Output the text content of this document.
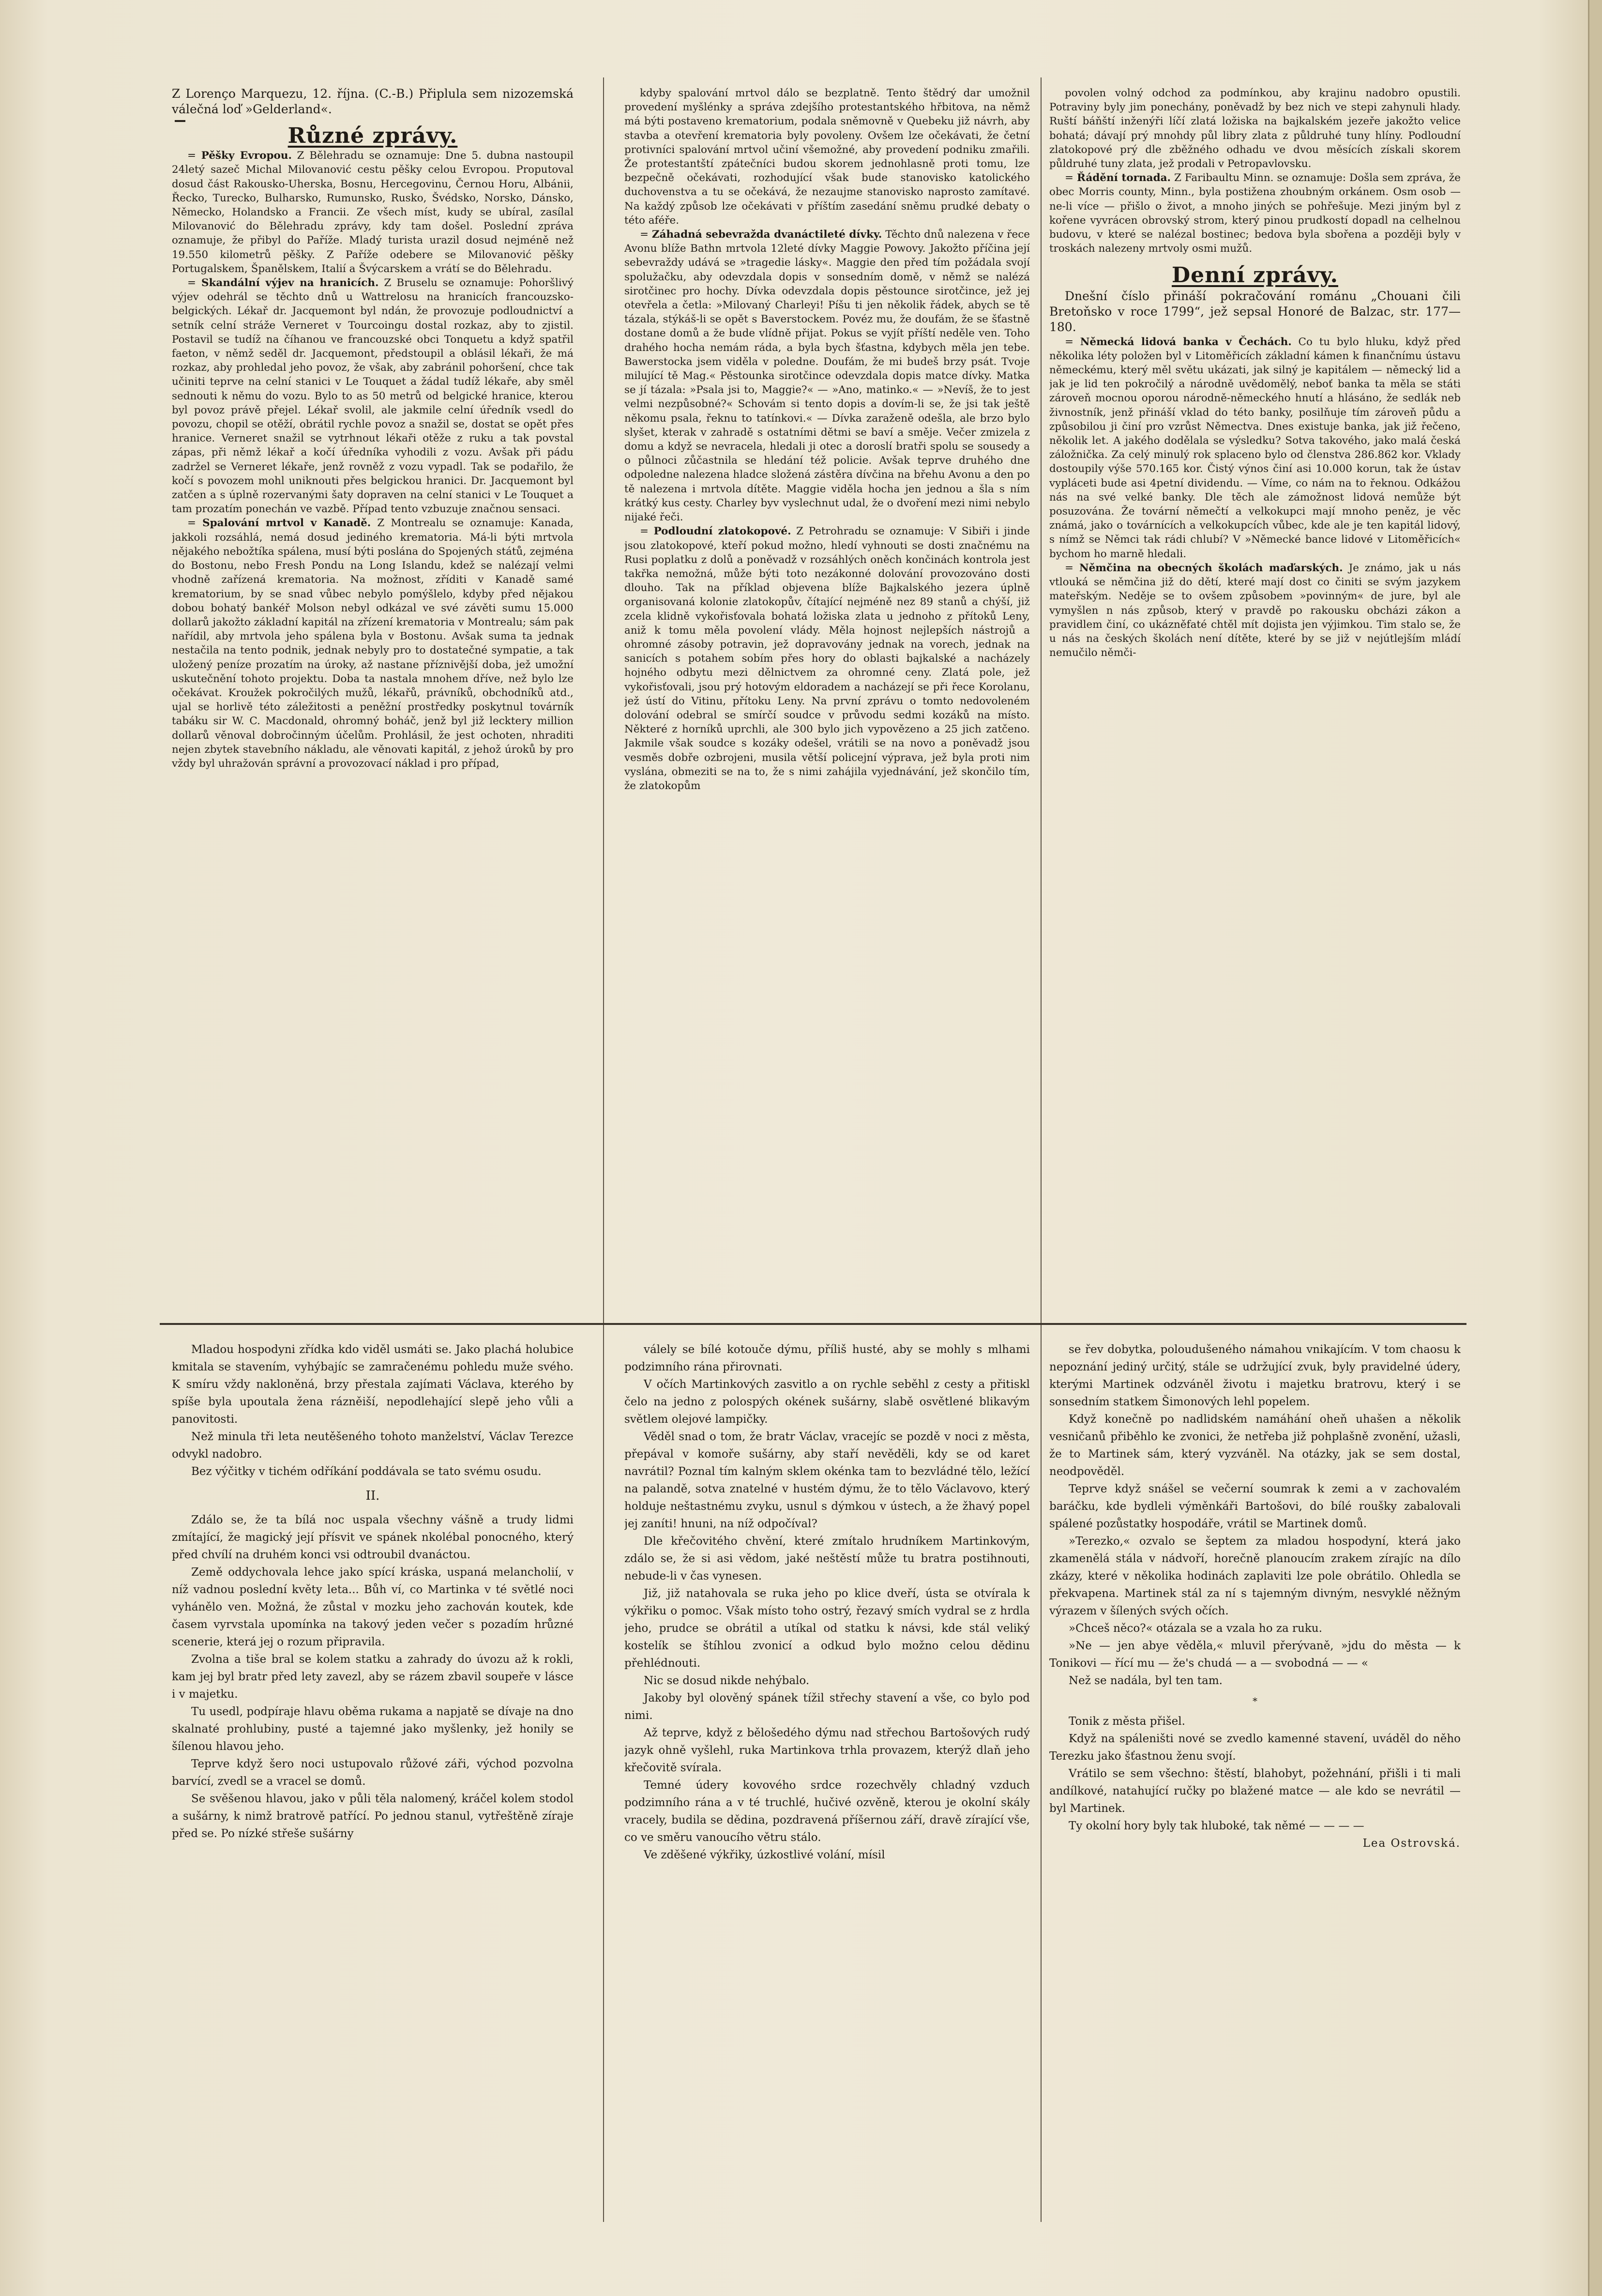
Z Lorenço Marquezu, 12. října. (C.-B.) Připlula sem nizozemská válečná loď »Gelderland«.

Různé zprávy.

= Pěšky Evropou. Z Bělehradu se oznamuje: Dne 5. dubna nastoupil 24letý sazeč Michal Milovanović cestu pěšky celou Evropou. Proputoval dosud část Rakousko-Uherska, Bosnu, Hercegovinu, Černou Horu, Albánii, Řecko, Turecko, Bulharsko, Rumunsko, Rusko, Švédsko, Norsko, Dánsko, Německo, Holandsko a Francii. Ze všech míst, kudy se ubíral, zasílal Milovanović do Bělehradu zprávy, kdy tam došel. Poslední zpráva oznamuje, že přibyl do Paříže. Mladý turista urazil dosud nejméně než 19.550 kilometrů pěšky. Z Paříže odebere se Milovanović pěšky Portugalskem, Španělskem, Italií a Švýcarskem a vrátí se do Bělehradu.

= Skandální výjev na hranicích. Z Bruselu se oznamuje: Pohoršlivý výjev odehrál se těchto dnů u Wattrelosu na hranicích francouzsko-belgických. Lékař dr. Jacquemont byl ndán, že provozuje podloudnictví a setník celní stráže Verneret v Tourcoingu dostal rozkaz, aby to zjistil. Postavil se tudíž na číhanou ve francouzské obci Tonquetu a když spatřil faeton, v němž seděl dr. Jacquemont, předstoupil a oblásil lékaři, že má rozkaz, aby prohledal jeho povoz, že však, aby zabránil pohoršení, chce tak učiniti teprve na celní stanici v Le Touquet a žádal tudíž lékaře, aby směl sednouti k němu do vozu. Bylo to as 50 metrů od belgické hranice, kterou byl povoz právě přejel. Lékař svolil, ale jakmile celní úředník vsedl do povozu, chopil se otěží, obrátil rychle povoz a snažil se, dostat se opět přes hranice. Verneret snažil se vytrhnout lékaři otěže z ruku a tak povstal zápas, při němž lékař a kočí úředníka vyhodili z vozu. Avšak při pádu zadržel se Verneret lékaře, jenž rovněž z vozu vypadl. Tak se podařilo, že kočí s povozem mohl uniknouti přes belgickou hranici. Dr. Jacquemont byl zatčen a s úplně rozervanými šaty dopraven na celní stanici v Le Touquet a tam prozatím ponechán ve vazbě. Případ tento vzbuzuje značnou sensaci.

= Spalování mrtvol v Kanadě. Z Montrealu se oznamuje: Kanada, jakkoli rozsáhlá, nemá dosud jediného krematoria. Má-li býti mrtvola nějakého nebožtíka spálena, musí býti poslána do Spojených států, zejména do Bostonu, nebo Fresh Pondu na Long Islandu, kdež se nalézají velmi vhodně zařízená krematoria. Na možnost, zříditi v Kanadě samé krematorium, by se snad vůbec nebylo pomýšlelo, kdyby před nějakou dobou bohatý bankéř Molson nebyl odkázal ve své závěti sumu 15.000 dollarů jakožto základní kapitál na zřízení krematoria v Montrealu; sám pak nařídil, aby mrtvola jeho spálena byla v Bostonu. Avšak suma ta jednak nestačila na tento podnik, jednak nebyly pro to dostatečné sympatie, a tak uložený peníze prozatím na úroky, až nastane příznivější doba, jež umožní uskutečnění tohoto projektu. Doba ta nastala mnohem dříve, než bylo lze očekávat. Kroužek pokročilých mužů, lékařů, právníků, obchodníků atd., ujal se horlivě této záležitosti a peněžní prostředky poskytnul továrník tabáku sir W. C. Macdonald, ohromný boháč, jenž byl již lecktery million dollarů věnoval dobročinným účelům. Prohlásil, že jest ochoten, nhraditi nejen zbytek stavebního nákladu, ale věnovati kapitál, z jehož úroků by pro vždy byl uhražován správní a provozovací náklad i pro případ,

kdyby spalování mrtvol dálo se bezplatně. Tento štědrý dar umožnil provedení myšlénky a správa zdejšího protestantského hřbitova, na němž má býti postaveno krematorium, podala sněmovně v Quebeku již návrh, aby stavba a otevření krematoria byly povoleny. Ovšem lze očekávati, že četní protivníci spalování mrtvol učiní všemožné, aby provedení podniku zmařili. Že protestantští zpátečníci budou skorem jednohlasně proti tomu, lze bezpečně očekávati, rozhodující však bude stanovisko katolického duchovenstva a tu se očekává, že nezaujme stanovisko naprosto zamítavé. Na každý způsob lze očekávati v příštím zasedání sněmu prudké debaty o této aféře.

= Záhadná sebevražda dvanáctileté dívky. Těchto dnů nalezena v řece Avonu blíže Bathn mrtvola 12leté dívky Maggie Powovy. Jakožto příčina její sebevraždy udává se »tragedie lásky«. Maggie den před tím požádala svojí spolužačku, aby odevzdala dopis v sonsedním domě, v němž se nalézá sirotčinec pro hochy. Dívka odevzdala dopis pěstounce sirotčince, jež jej otevřela a četla: »Milovaný Charleyi! Píšu ti jen několik řádek, abych se tě tázala, stýkáš-li se opět s Baverstockem. Povéz mu, že doufám, že se šťastně dostane domů a že bude vlídně přijat. Pokus se vyjít příští neděle ven. Toho drahého hocha nemám ráda, a byla bych šťastna, kdybych měla jen tebe. Bawerstocka jsem viděla v poledne. Doufám, že mi budeš brzy psát. Tvoje milující tě Mag.« Pěstounka sirotčince odevzdala dopis matce dívky. Matka se jí tázala: »Psala jsi to, Maggie?« — »Ano, matinko.« — »Nevíš, že to jest velmi nezpůsobné?« Schovám si tento dopis a dovím-li se, že jsi tak ještě někomu psala, řeknu to tatínkovi.« — Dívka zaraženě odešla, ale brzo bylo slyšet, kterak v zahradě s ostatními dětmi se baví a směje. Večer zmizela z domu a když se nevracela, hledali ji otec a doroslí bratři spolu se sousedy a o půlnoci zůčastnila se hledání též policie. Avšak teprve druhého dne odpoledne nalezena hladce složená zástěra dívčina na břehu Avonu a den po tě nalezena i mrtvola dítěte. Maggie viděla hocha jen jednou a šla s ním krátký kus cesty. Charley byv vyslechnut udal, že o dvoření mezi nimi nebylo nijaké řeči.

= Podloudní zlatokopové. Z Petrohradu se oznamuje: V Sibiři i jinde jsou zlatokopové, kteří pokud možno, hledí vyhnouti se dosti značnému na Rusi poplatku z dolů a poněvadž v rozsáhlých oněch končinách kontrola jest takřka nemožná, může býti toto nezákonné dolování provozováno dosti dlouho. Tak na příklad objevena blíže Bajkalského jezera úplně organisovaná kolonie zlatokopův, čítající nejméně nez 89 stanů a chýší, již zcela klidně vykořisťovala bohatá ložiska zlata u jednoho z přítoků Leny, aniž k tomu měla povolení vlády. Měla hojnost nejlepších nástrojů a ohromné zásoby potravin, jež dopravovány jednak na vorech, jednak na sanicích s potahem sobím přes hory do oblasti bajkalské a nacházely hojného odbytu mezi dělnictvem za ohromné ceny. Zlatá pole, jež vykořisťovali, jsou prý hotovým eldoradem a nacházejí se při řece Korolanu, jež ústí do Vitinu, přítoku Leny. Na první zprávu o tomto nedovoleném dolování odebral se smírčí soudce v průvodu sedmi kozáků na místo. Některé z horníků uprchli, ale 300 bylo jich vypovězeno a 25 jich zatčeno. Jakmile však soudce s kozáky odešel, vrátili se na novo a poněvadž jsou vesměs dobře ozbrojeni, musila větší policejní výprava, jež byla proti nim vyslána, obmeziti se na to, že s nimi zahájila vyjednávání, jež skončilo tím, že zlatokopům

povolen volný odchod za podmínkou, aby krajinu nadobro opustili. Potraviny byly jim ponechány, poněvadž by bez nich ve stepi zahynuli hlady. Ruští báňští inženýři líčí zlatá ložiska na bajkalském jezeře jakožto velice bohatá; dávají prý mnohdy půl libry zlata z půldruhé tuny hlíny. Podloudní zlatokopové prý dle zběžného odhadu ve dvou měsících získali skorem půldruhé tuny zlata, jež prodali v Petropavlovsku.

= Řádění tornada. Z Faribaultu Minn. se oznamuje: Došla sem zpráva, že obec Morris county, Minn., byla postižena zhoubným orkánem. Osm osob — ne-li více — přišlo o život, a mnoho jiných se pohřešuje. Mezi jiným byl z kořene vyvrácen obrovský strom, který pinou prudkostí dopadl na celhelnou budovu, v které se nalézal bostinec; bedova byla sbořena a později byly v troskách nalezeny mrtvoly osmi mužů.

Denní zprávy.

Dnešní číslo přináší pokračování románu „Chouani čili Bretoňsko v roce 1799“, jež sepsal Honoré de Balzac, str. 177—180.

= Německá lidová banka v Čechách. Co tu bylo hluku, když před několika léty položen byl v Litoměřicích základní kámen k finančnímu ústavu německému, který měl světu ukázati, jak silný je kapitálem — německý lid a jak je lid ten pokročilý a národně uvědomělý, neboť banka ta měla se státi zároveň mocnou oporou národně-německého hnutí a hlásáno, že sedlák neb živnostník, jenž přináší vklad do této banky, posilňuje tím zároveň půdu a způsobilou ji činí pro vzrůst Němectva. Dnes existuje banka, jak již řečeno, několik let. A jakého dodělala se výsledku? Sotva takového, jako malá česká záložnička. Za celý minulý rok splaceno bylo od členstva 286.862 kor. Vklady dostoupily výše 570.165 kor. Čistý výnos činí asi 10.000 korun, tak že ústav vypláceti bude asi 4petní dividendu. — Víme, co nám na to řeknou. Odkážou nás na své velké banky. Dle těch ale zámožnost lidová nemůže být posuzována. Že tovární němečtí a velkokupci mají mnoho peněz, je věc známá, jako o továrnících a velkokupcích vůbec, kde ale je ten kapitál lidový, s nímž se Němci tak rádi chlubí? V »Německé bance lidové v Litoměřicích« bychom ho marně hledali.

= Němčina na obecných školách maďarských. Je známo, jak u nás vtlouká se němčina již do dětí, které mají dost co činiti se svým jazykem mateřským. Neděje se to ovšem způsobem »povinným« de jure, byl ale vymyšlen n nás způsob, který v pravdě po rakousku obcházi zákon a pravidlem činí, co ukázněfaté chtěl mít dojista jen výjimkou. Tim stalo se, že u nás na českých školách není dítěte, které by se již v nejútlejším mládí nemučilo němči-

Mladou hospodyni zřídka kdo viděl usmáti se. Jako plachá holubice kmitala se stavením, vyhýbajíc se zamračenému pohledu muže svého. K smíru vždy nakloněná, brzy přestala zajímati Václava, kterého by spíše byla upoutala žena rázněiší, nepodlehající slepě jeho vůli a panovitosti.

Než minula tři leta neutěšeného tohoto manželství, Václav Terezce odvykl nadobro.

Bez výčitky v tichém odříkání poddávala se tato svému osudu.

II.

Zdálo se, že ta bílá noc uspala všechny vášně a trudy lidmi zmítající, že magický její přísvit ve spánek nkolébal ponocného, který před chvílí na druhém konci vsi odtroubil dvanáctou.

Země oddychovala lehce jako spící kráska, uspaná melancholií, v níž vadnou poslední květy leta... Bůh ví, co Martinka v té světlé noci vyhánělo ven. Možná, že zůstal v mozku jeho zachován koutek, kde časem vyrvstala upomínka na takový jeden večer s pozadím hrůzné scenerie, která jej o rozum připravila.

Zvolna a tiše bral se kolem statku a zahrady do úvozu až k rokli, kam jej byl bratr před lety zavezl, aby se rázem zbavil soupeře v lásce i v majetku.

Tu usedl, podpíraje hlavu oběma rukama a napjatě se dívaje na dno skalnaté prohlubiny, pusté a tajemné jako myšlenky, jež honily se šílenou hlavou jeho.

Teprve když šero noci ustupovalo růžové záři, východ pozvolna barvící, zvedl se a vracel se domů.

Se svěšenou hlavou, jako v půli těla nalomený, kráčel kolem stodol a sušárny, k nimž bratrově patřící. Po jednou stanul, vytřeštěně zíraje před se. Po nízké střeše sušárny

válely se bílé kotouče dýmu, příliš husté, aby se mohly s mlhami podzimního rána přirovnati.

V očích Martinkových zasvitlo a on rychle seběhl z cesty a přitiskl čelo na jedno z polospých okének sušárny, slabě osvětlené blikavým světlem olejové lampičky.

Věděl snad o tom, že bratr Václav, vracejíc se pozdě v noci z města, přepával v komoře sušárny, aby staří nevěděli, kdy se od karet navrátil? Poznal tím kalným sklem okénka tam to bezvládné tělo, ležící na palandě, sotva znatelné v hustém dýmu, že to tělo Václavovo, který holduje neštastnému zvyku, usnul s dýmkou v ústech, a že žhavý popel jej zaníti! hnuni, na níž odpočíval?

Dle křečovitého chvění, které zmítalo hrudníkem Martinkovým, zdálo se, že si asi vědom, jaké neštěstí může tu bratra postihnouti, nebude-li v čas vynesen.

Již, již natahovala se ruka jeho po klice dveří, ústa se otvírala k výkřiku o pomoc. Však místo toho ostrý, řezavý smích vydral se z hrdla jeho, prudce se obrátil a utíkal od statku k návsi, kde stál veliký kostelík se štíhlou zvonicí a odkud bylo možno celou dědinu přehlédnouti.

Nic se dosud nikde nehýbalo.

Jakoby byl olověný spánek tížil střechy stavení a vše, co bylo pod nimi.

Až teprve, když z bělošedého dýmu nad střechou Bartošových rudý jazyk ohně vyšlehl, ruka Martinkova trhla provazem, kterýž dlaň jeho křečovitě svírala.

Temné údery kovového srdce rozechvěly chladný vzduch podzimního rána a v té truchlé, hučivé ozvěně, kterou je okolní skály vracely, budila se dědina, pozdravená příšernou září, dravě zírající vše, co ve směru vanoucího větru stálo.

Ve zděšené výkřiky, úzkostlivé volání, mísil

se řev dobytka, poloudušeného námahou vnikajícím. V tom chaosu k nepoznání jediný určitý, stále se udržující zvuk, byly pravidelné údery, kterými Martinek odzváněl životu i majetku bratrovu, který i se sonsedním statkem Šimonových lehl popelem.

Když konečně po nadlidském namáhání oheň uhašen a několik vesničanů přiběhlo ke zvonici, že netřeba již pohplašně zvonění, užasli, že to Martinek sám, který vyzváněl. Na otázky, jak se sem dostal, neodpověděl.

Teprve když snášel se večerní soumrak k zemi a v zachovalém baráčku, kde bydleli výměnkáři Bartošovi, do bílé roušky zabalovali spálené pozůstatky hospodáře, vrátil se Martinek domů.

»Terezko,« ozvalo se šeptem za mladou hospodyní, která jako zkamenělá stála v nádvoří, horečně planoucím zrakem zírajíc na dílo zkázy, které v několika hodinách zaplaviti lze pole obrátilo. Ohledla se překvapena. Martinek stál za ní s tajemným divným, nesvyklé něžným výrazem v šílených svých očích.

»Chceš něco?« otázala se a vzala ho za ruku.

»Ne — jen abye věděla,« mluvil přerývaně, »jdu do města — k Tonikovi — řící mu — že's chudá — a — svobodná — — «

Než se nadála, byl ten tam.

*

Tonik z města přišel.

Když na spáleništi nové se zvedlo kamenné stavení, uváděl do něho Terezku jako šťastnou ženu svojí.

Vrátilo se sem všechno: štěstí, blahobyt, požehnání, přišli i ti mali andílkové, natahující ručky po blažené matce — ale kdo se nevrátil — byl Martinek.

Ty okolní hory byly tak hluboké, tak němé — — — —

Lea Ostrovská.
